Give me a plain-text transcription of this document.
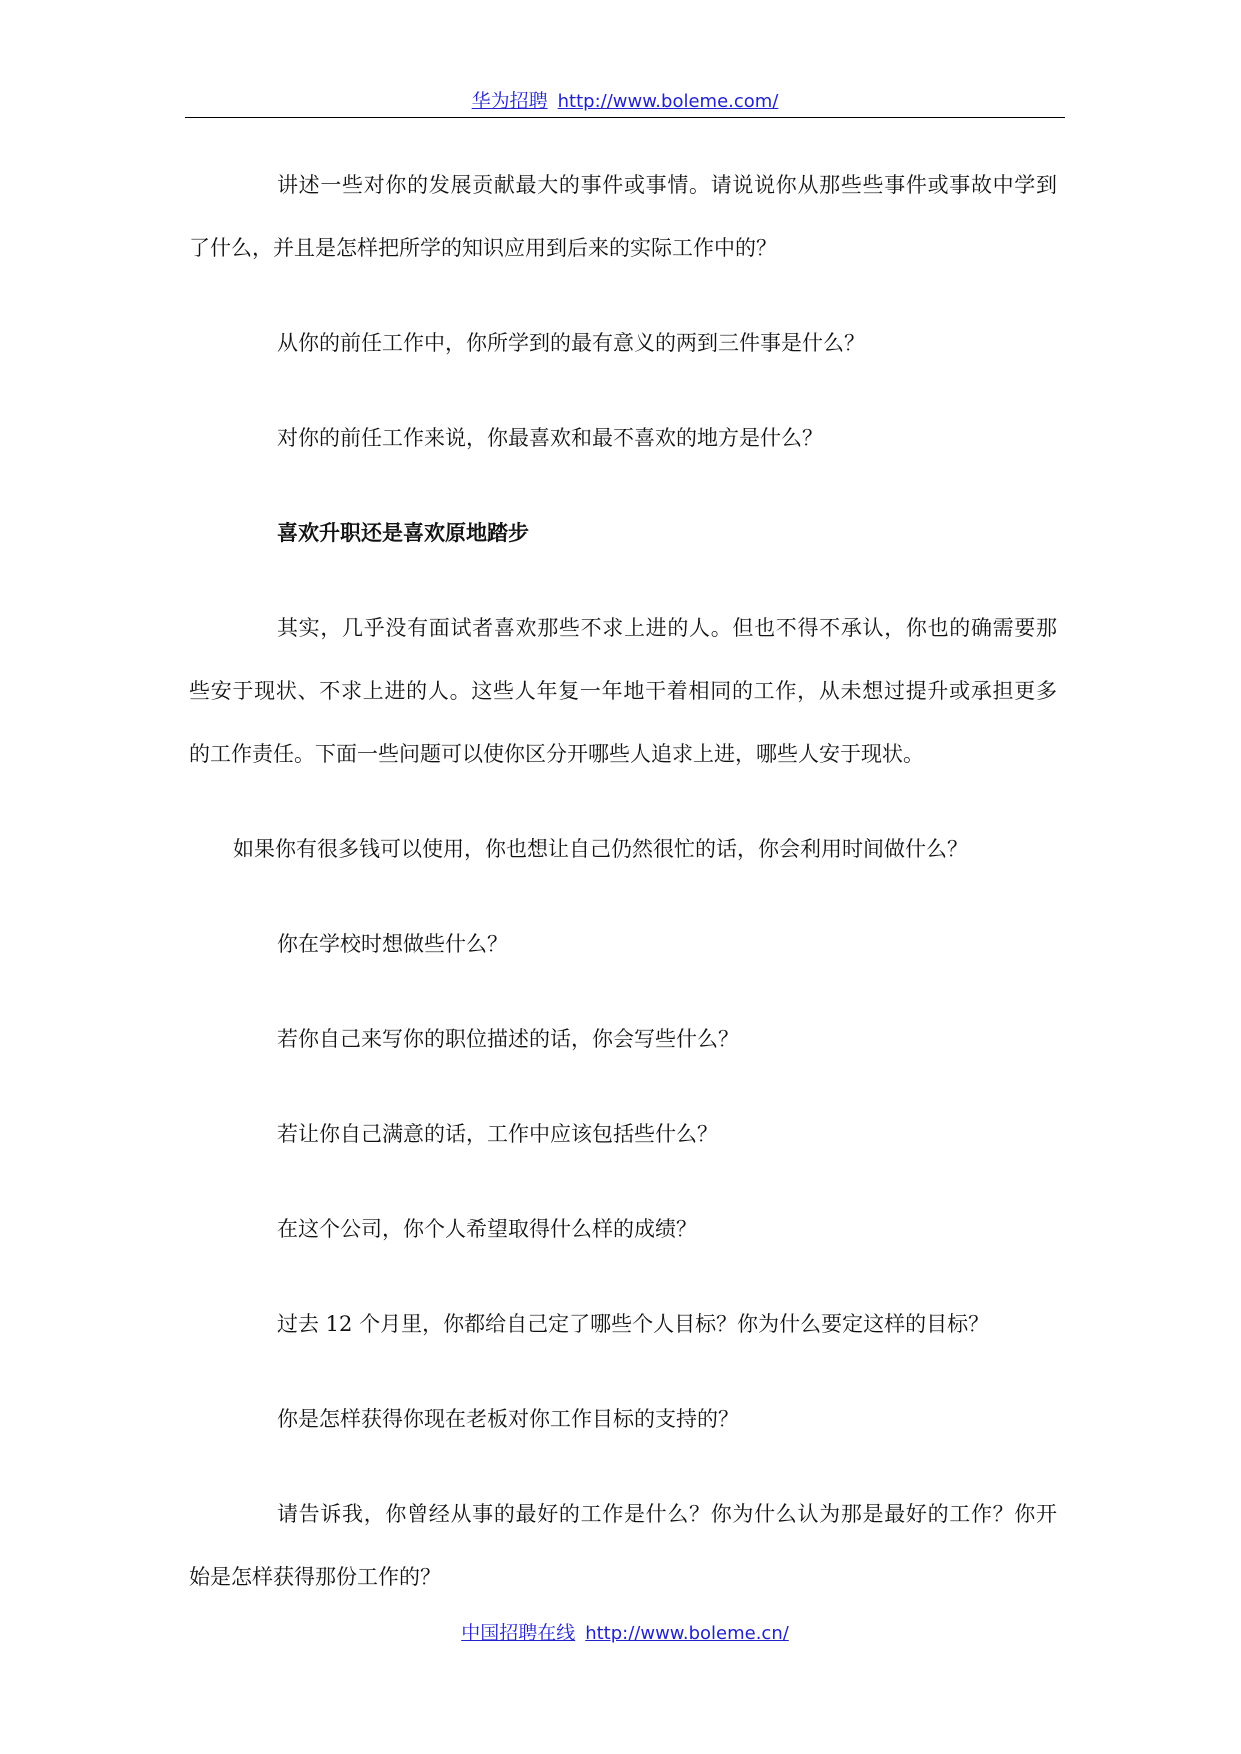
华为招聘 http://www.boleme.com/
讲述一些对你的发展贡献最大的事件或事情。请说说你从那些些事件或事故中学到
了什么，并且是怎样把所学的知识应用到后来的实际工作中的？
从你的前任工作中，你所学到的最有意义的两到三件事是什么？
对你的前任工作来说，你最喜欢和最不喜欢的地方是什么？
喜欢升职还是喜欢原地踏步
其实，几乎没有面试者喜欢那些不求上进的人。但也不得不承认，你也的确需要那
些安于现状、不求上进的人。这些人年复一年地干着相同的工作，从未想过提升或承担更多
的工作责任。下面一些问题可以使你区分开哪些人追求上进，哪些人安于现状。
如果你有很多钱可以使用，你也想让自己仍然很忙的话，你会利用时间做什么？
你在学校时想做些什么？
若你自己来写你的职位描述的话，你会写些什么？
若让你自己满意的话，工作中应该包括些什么？
在这个公司，你个人希望取得什么样的成绩？
过去 12 个月里，你都给自己定了哪些个人目标？你为什么要定这样的目标？
你是怎样获得你现在老板对你工作目标的支持的？
请告诉我，你曾经从事的最好的工作是什么？你为什么认为那是最好的工作？你开
始是怎样获得那份工作的？
中国招聘在线 http://www.boleme.cn/
